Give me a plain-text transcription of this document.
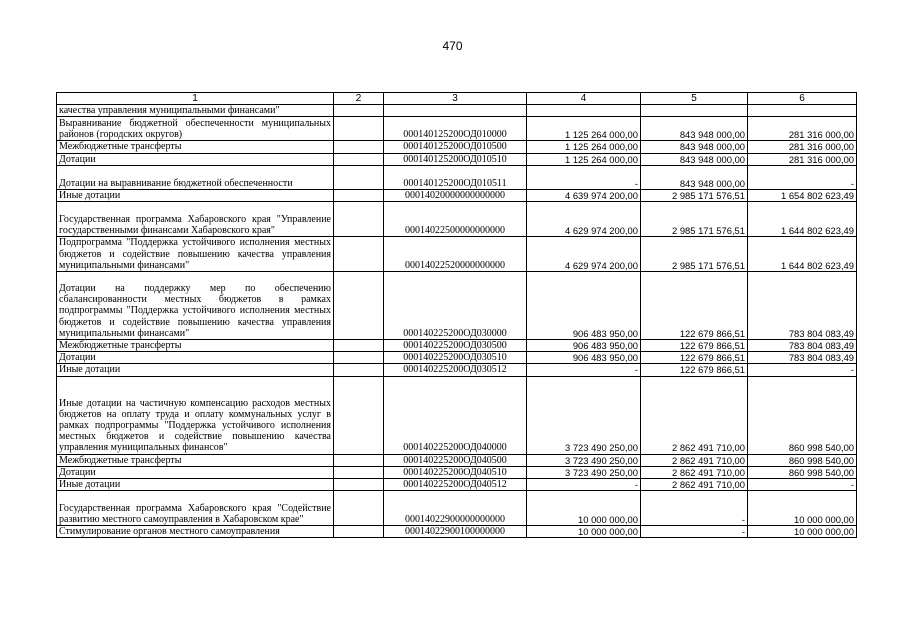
470
1	2	3	4	5	6
качества управления муниципальными финансами"					
Выравнивание бюджетной обеспеченности муниципальных районов (городских округов)		000140125200ОД010000	1 125 264 000,00	843 948 000,00	281 316 000,00
Межбюджетные трансферты		000140125200ОД010500	1 125 264 000,00	843 948 000,00	281 316 000,00
Дотации		000140125200ОД010510	1 125 264 000,00	843 948 000,00	281 316 000,00
Дотации на выравнивание бюджетной обеспеченности		000140125200ОД010511	-	843 948 000,00	-
Иные дотации		00014020000000000000	4 639 974 200,00	2 985 171 576,51	1 654 802 623,49
Государственная программа Хабаровского края "Управление государственными финансами Хабаровского края"		00014022500000000000	4 629 974 200,00	2 985 171 576,51	1 644 802 623,49
Подпрограмма "Поддержка устойчивого исполнения местных бюджетов и содействие повышению качества управления муниципальными финансами"		00014022520000000000	4 629 974 200,00	2 985 171 576,51	1 644 802 623,49
Дотации на поддержку мер по обеспечению сбалансированности местных бюджетов в рамках подпрограммы "Поддержка устойчивого исполнения местных бюджетов и содействие повышению качества управления муниципальными финансами"		000140225200ОД030000	906 483 950,00	122 679 866,51	783 804 083,49
Межбюджетные трансферты		000140225200ОД030500	906 483 950,00	122 679 866,51	783 804 083,49
Дотации		000140225200ОД030510	906 483 950,00	122 679 866,51	783 804 083,49
Иные дотации		000140225200ОД030512	-	122 679 866,51	-
Иные дотации на частичную компенсацию расходов местных бюджетов на оплату труда и оплату коммунальных услуг в рамках подпрограммы "Поддержка устойчивого исполнения местных бюджетов и содействие повышению качества управления муниципальных финансов"		000140225200ОД040000	3 723 490 250,00	2 862 491 710,00	860 998 540,00
Межбюджетные трансферты		000140225200ОД040500	3 723 490 250,00	2 862 491 710,00	860 998 540,00
Дотации		000140225200ОД040510	3 723 490 250,00	2 862 491 710,00	860 998 540,00
Иные дотации		000140225200ОД040512	-	2 862 491 710,00	-
Государственная программа Хабаровского края "Содействие развитию местного самоуправления в Хабаровском крае"		00014022900000000000	10 000 000,00	-	10 000 000,00
Стимулирование органов местного самоуправления		00014022900100000000	10 000 000,00	-	10 000 000,00
